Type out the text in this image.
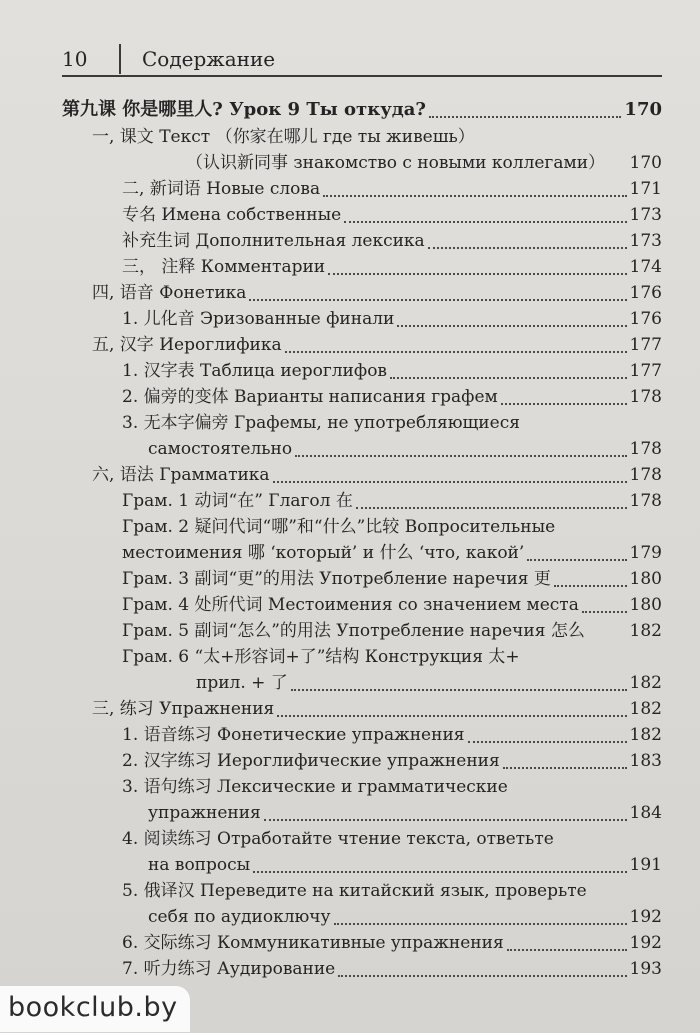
10	Содержание
第九课 你是哪里人? Урок 9 Ты откуда?	170
一, 课文 Текст （你家在哪儿 где ты живешь）
（认识新同事 знакомство с новыми коллегами） 170
二, 新词语 Новые слова	171
专名 Имена собственные	173
补充生词 Дополнительная лексика	173
三， 注释 Комментарии	174
四, 语音 Фонетика	176
1. 儿化音 Эризованные финали	176
五, 汉字 Иероглифика	177
1. 汉字表 Таблица иероглифов	177
2. 偏旁的变体 Варианты написания графем	178
3. 无本字偏旁 Графемы, не употребляющиеся
самостоятельно	178
六, 语法 Грамматика	178
Грам. 1 动词“在” Глагол 在	178
Грам. 2 疑问代词“哪”和“什么”比较 Вопросительные
местоимения 哪 ‘который’ и 什么 ‘что, какой’	179
Грам. 3 副词“更”的用法 Употребление наречия 更	180
Грам. 4 处所代词 Местоимения со значением места	180
Грам. 5 副词“怎么”的用法 Употребление наречия 怎么	182
Грам. 6 “太+形容词+了”结构 Конструкция 太+
прил. + 了	182
三, 练习 Упражнения	182
1. 语音练习 Фонетические упражнения	182
2. 汉字练习 Иероглифические упражнения	183
3. 语句练习 Лексические и грамматические
упражнения	184
4. 阅读练习 Отработайте чтение текста, ответьте
на вопросы	191
5. 俄译汉 Переведите на китайский язык, проверьте
себя по аудиоключу	192
6. 交际练习 Коммуникативные упражнения	192
7. 听力练习 Аудирование	193
bookclub.by
